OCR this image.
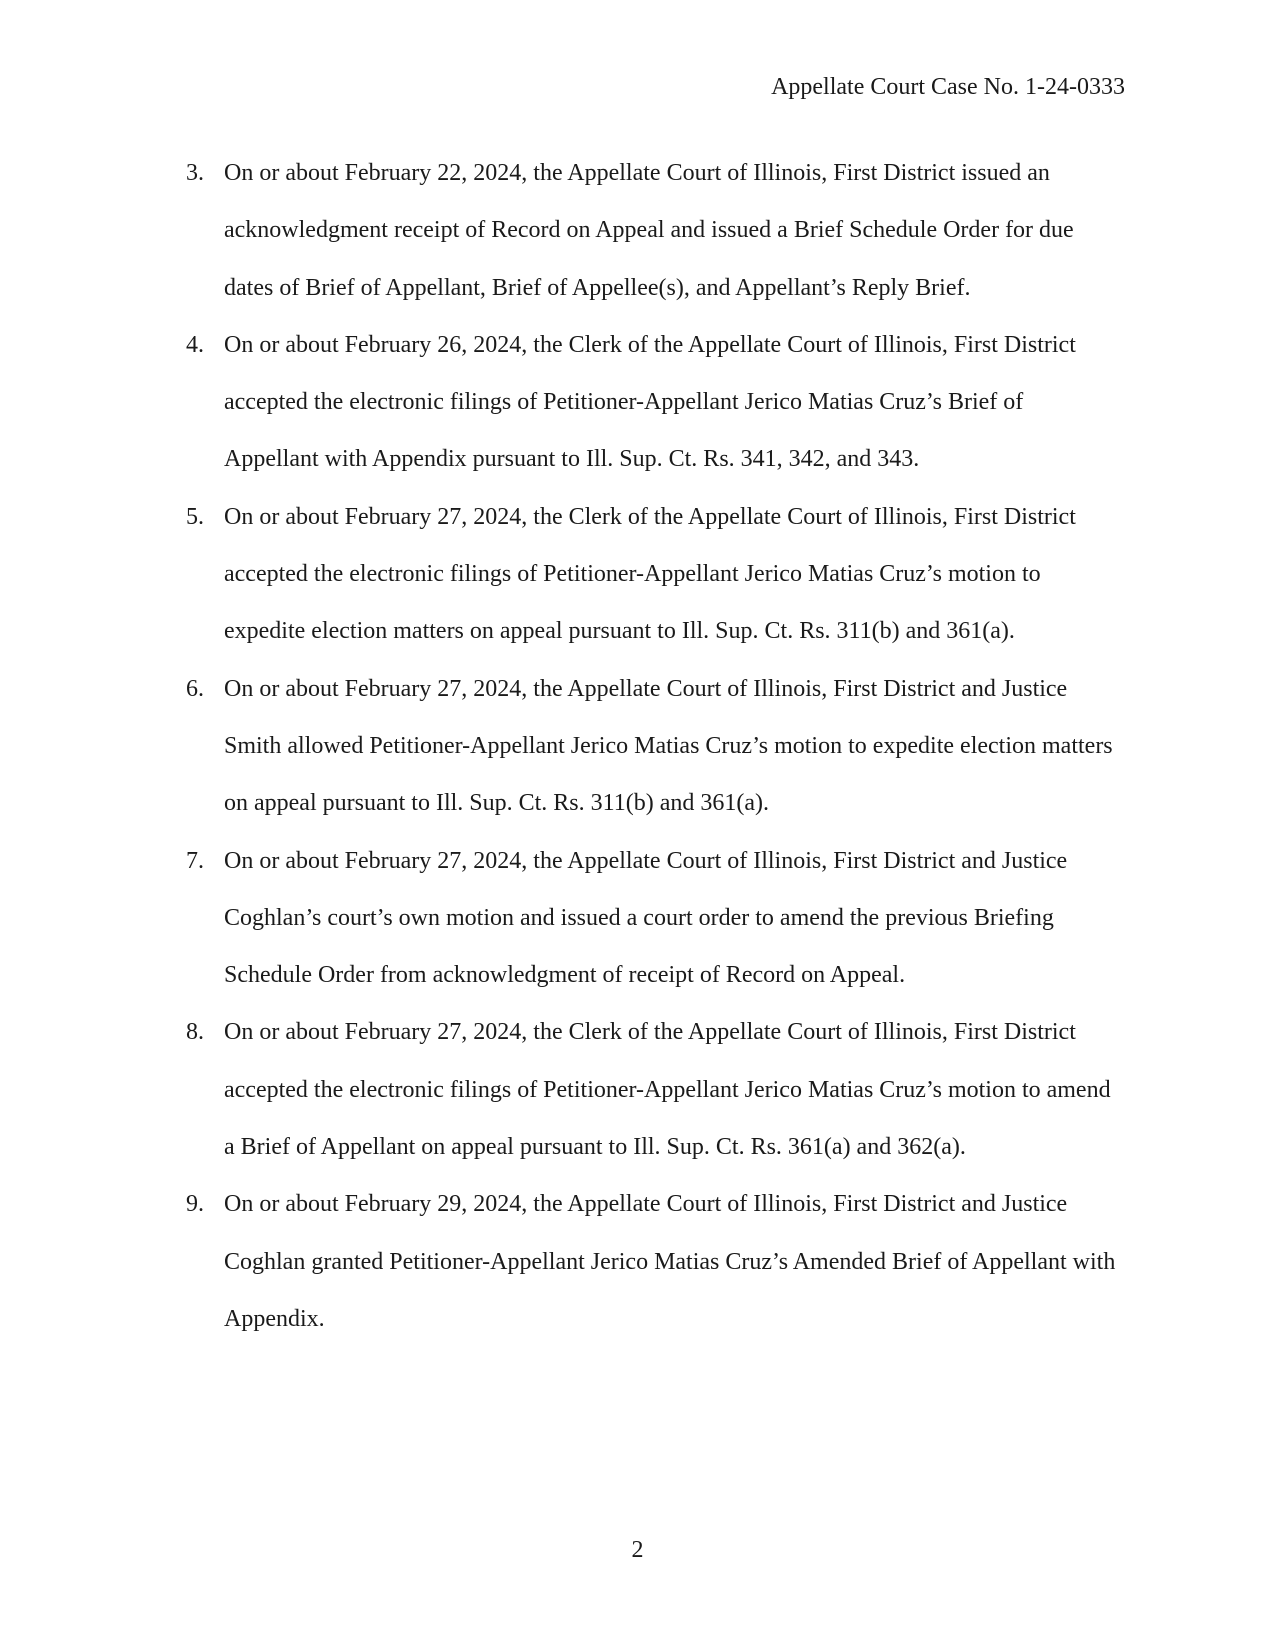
Appellate Court Case No. 1-24-0333
3. On or about February 22, 2024, the Appellate Court of Illinois, First District issued an acknowledgment receipt of Record on Appeal and issued a Brief Schedule Order for due dates of Brief of Appellant, Brief of Appellee(s), and Appellant’s Reply Brief.
4. On or about February 26, 2024, the Clerk of the Appellate Court of Illinois, First District accepted the electronic filings of Petitioner-Appellant Jerico Matias Cruz’s Brief of Appellant with Appendix pursuant to Ill. Sup. Ct. Rs. 341, 342, and 343.
5. On or about February 27, 2024, the Clerk of the Appellate Court of Illinois, First District accepted the electronic filings of Petitioner-Appellant Jerico Matias Cruz’s motion to expedite election matters on appeal pursuant to Ill. Sup. Ct. Rs. 311(b) and 361(a).
6. On or about February 27, 2024, the Appellate Court of Illinois, First District and Justice Smith allowed Petitioner-Appellant Jerico Matias Cruz’s motion to expedite election matters on appeal pursuant to Ill. Sup. Ct. Rs. 311(b) and 361(a).
7. On or about February 27, 2024, the Appellate Court of Illinois, First District and Justice Coghlan’s court’s own motion and issued a court order to amend the previous Briefing Schedule Order from acknowledgment of receipt of Record on Appeal.
8. On or about February 27, 2024, the Clerk of the Appellate Court of Illinois, First District accepted the electronic filings of Petitioner-Appellant Jerico Matias Cruz’s motion to amend a Brief of Appellant on appeal pursuant to Ill. Sup. Ct. Rs. 361(a) and 362(a).
9. On or about February 29, 2024, the Appellate Court of Illinois, First District and Justice Coghlan granted Petitioner-Appellant Jerico Matias Cruz’s Amended Brief of Appellant with Appendix.
2
